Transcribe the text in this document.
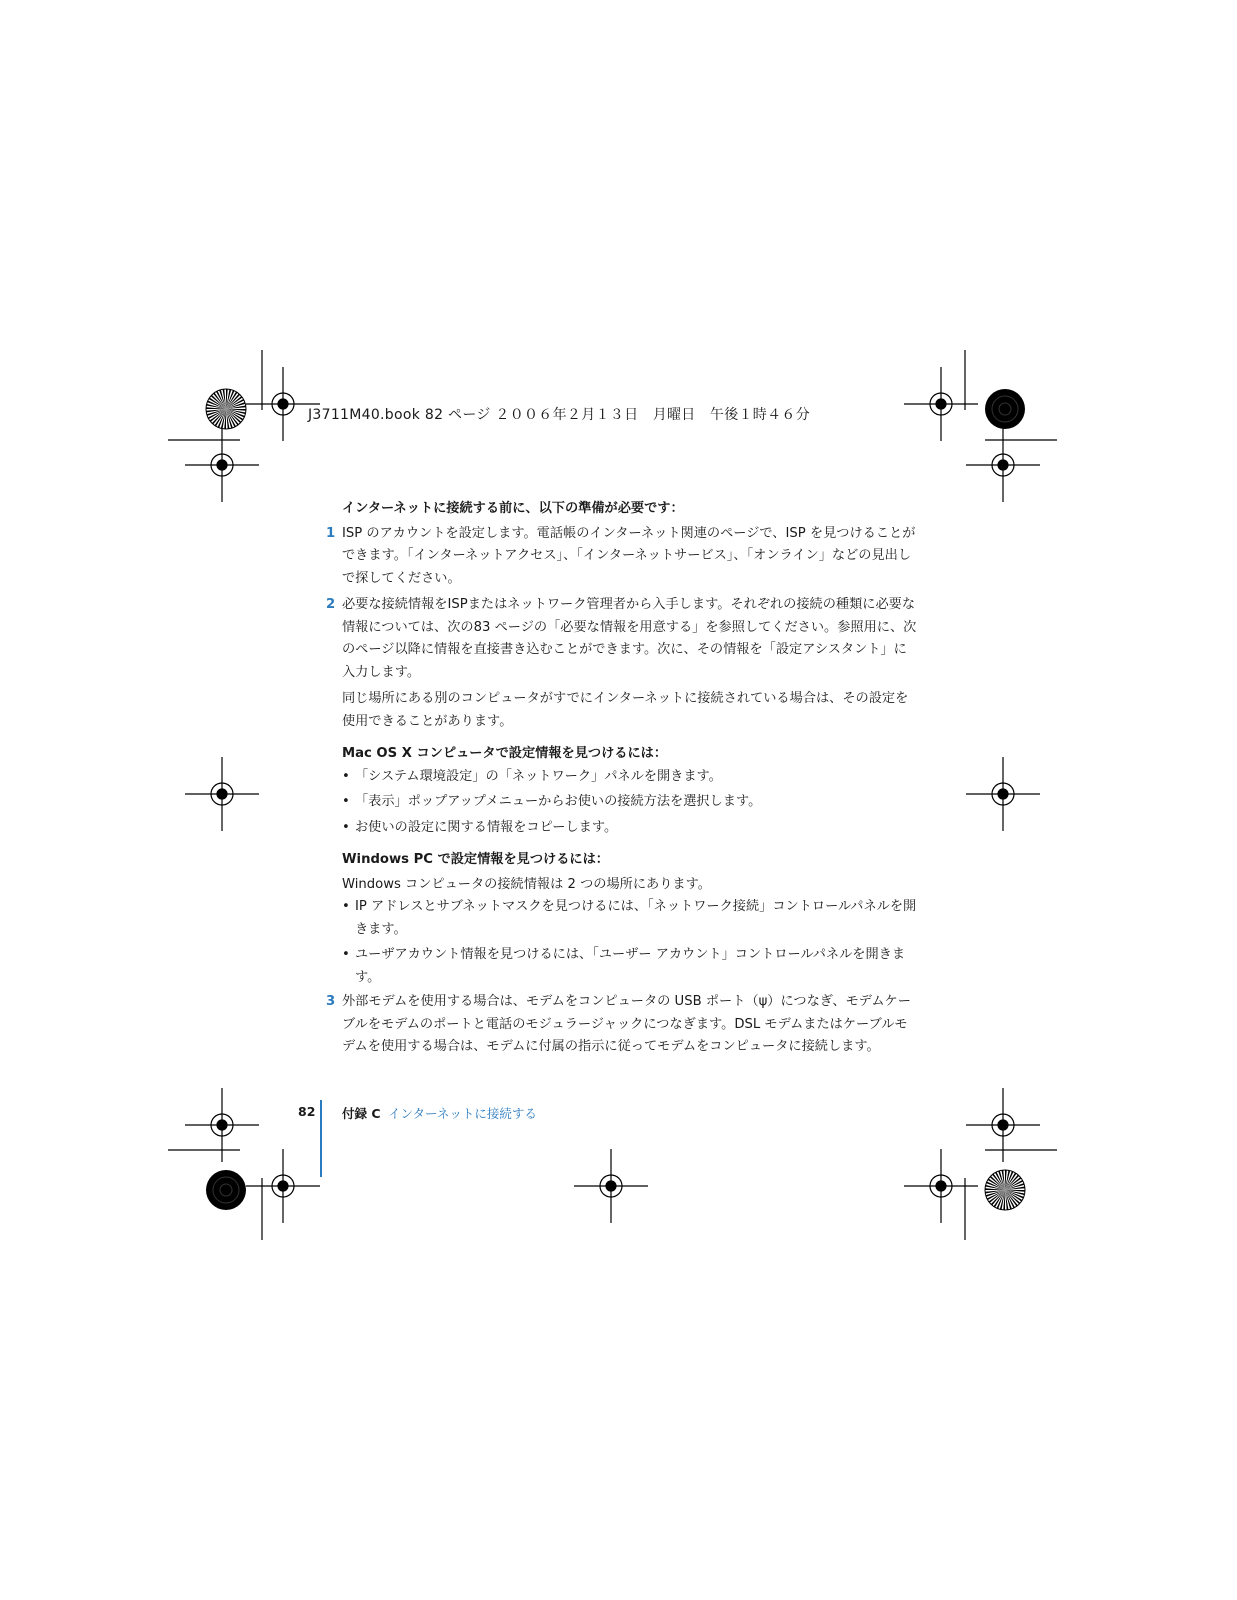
J3711M40.book 82 ページ ２００６年２月１３日　月曜日　午後１時４６分

インターネットに接続する前に、以下の準備が必要です：

1 ISP のアカウントを設定します。電話帳のインターネット関連のページで、ISP を見つけることができます。「インターネットアクセス」、「インターネットサービス」、「オンライン」などの見出しで探してください。

2 必要な接続情報をISPまたはネットワーク管理者から入手します。それぞれの接続の種類に必要な情報については、次の83 ページの「必要な情報を用意する」を参照してください。参照用に、次のページ以降に情報を直接書き込むことができます。次に、その情報を「設定アシスタント」に入力します。

同じ場所にある別のコンピュータがすでにインターネットに接続されている場合は、その設定を使用できることがあります。

Mac OS X コンピュータで設定情報を見つけるには：

• 「システム環境設定」の「ネットワーク」パネルを開きます。

• 「表示」ポップアップメニューからお使いの接続方法を選択します。

• お使いの設定に関する情報をコピーします。

Windows PC で設定情報を見つけるには：

Windows コンピュータの接続情報は 2 つの場所にあります。

• IP アドレスとサブネットマスクを見つけるには、「ネットワーク接続」コントロールパネルを開きます。

• ユーザアカウント情報を見つけるには、「ユーザー アカウント」コントロールパネルを開きます。

3 外部モデムを使用する場合は、モデムをコンピュータの USB ポート（ψ）につなぎ、モデムケーブルをモデムのポートと電話のモジュラージャックにつなぎます。DSL モデムまたはケーブルモデムを使用する場合は、モデムに付属の指示に従ってモデムをコンピュータに接続します。

82 付録 C インターネットに接続する
